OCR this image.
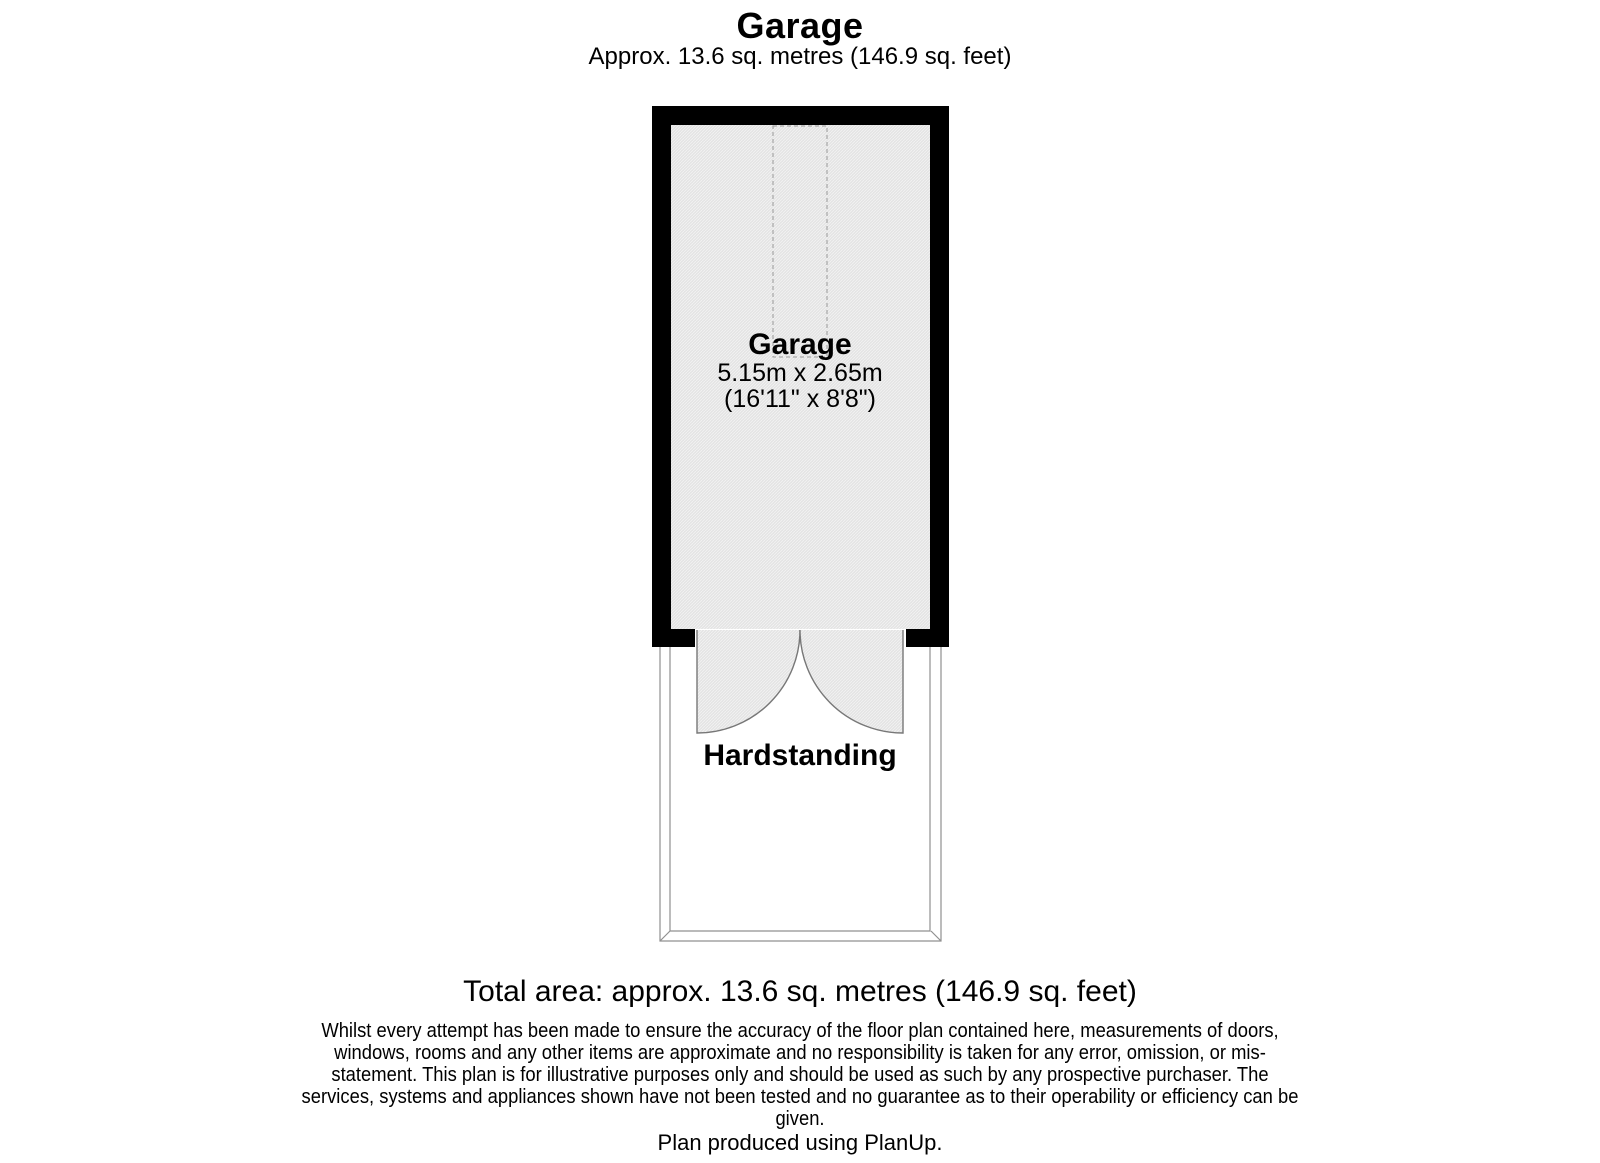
Garage
Approx. 13.6 sq. metres (146.9 sq. feet)
Garage
5.15m x 2.65m
(16'11" x 8'8")
Hardstanding
Total area: approx. 13.6 sq. metres (146.9 sq. feet)
Whilst every attempt has been made to ensure the accuracy of the floor plan contained here, measurements of doors,
windows, rooms and any other items are approximate and no responsibility is taken for any error, omission, or mis-
statement. This plan is for illustrative purposes only and should be used as such by any prospective purchaser. The
services, systems and appliances shown have not been tested and no guarantee as to their operability or efficiency can be
given.
Plan produced using PlanUp.
